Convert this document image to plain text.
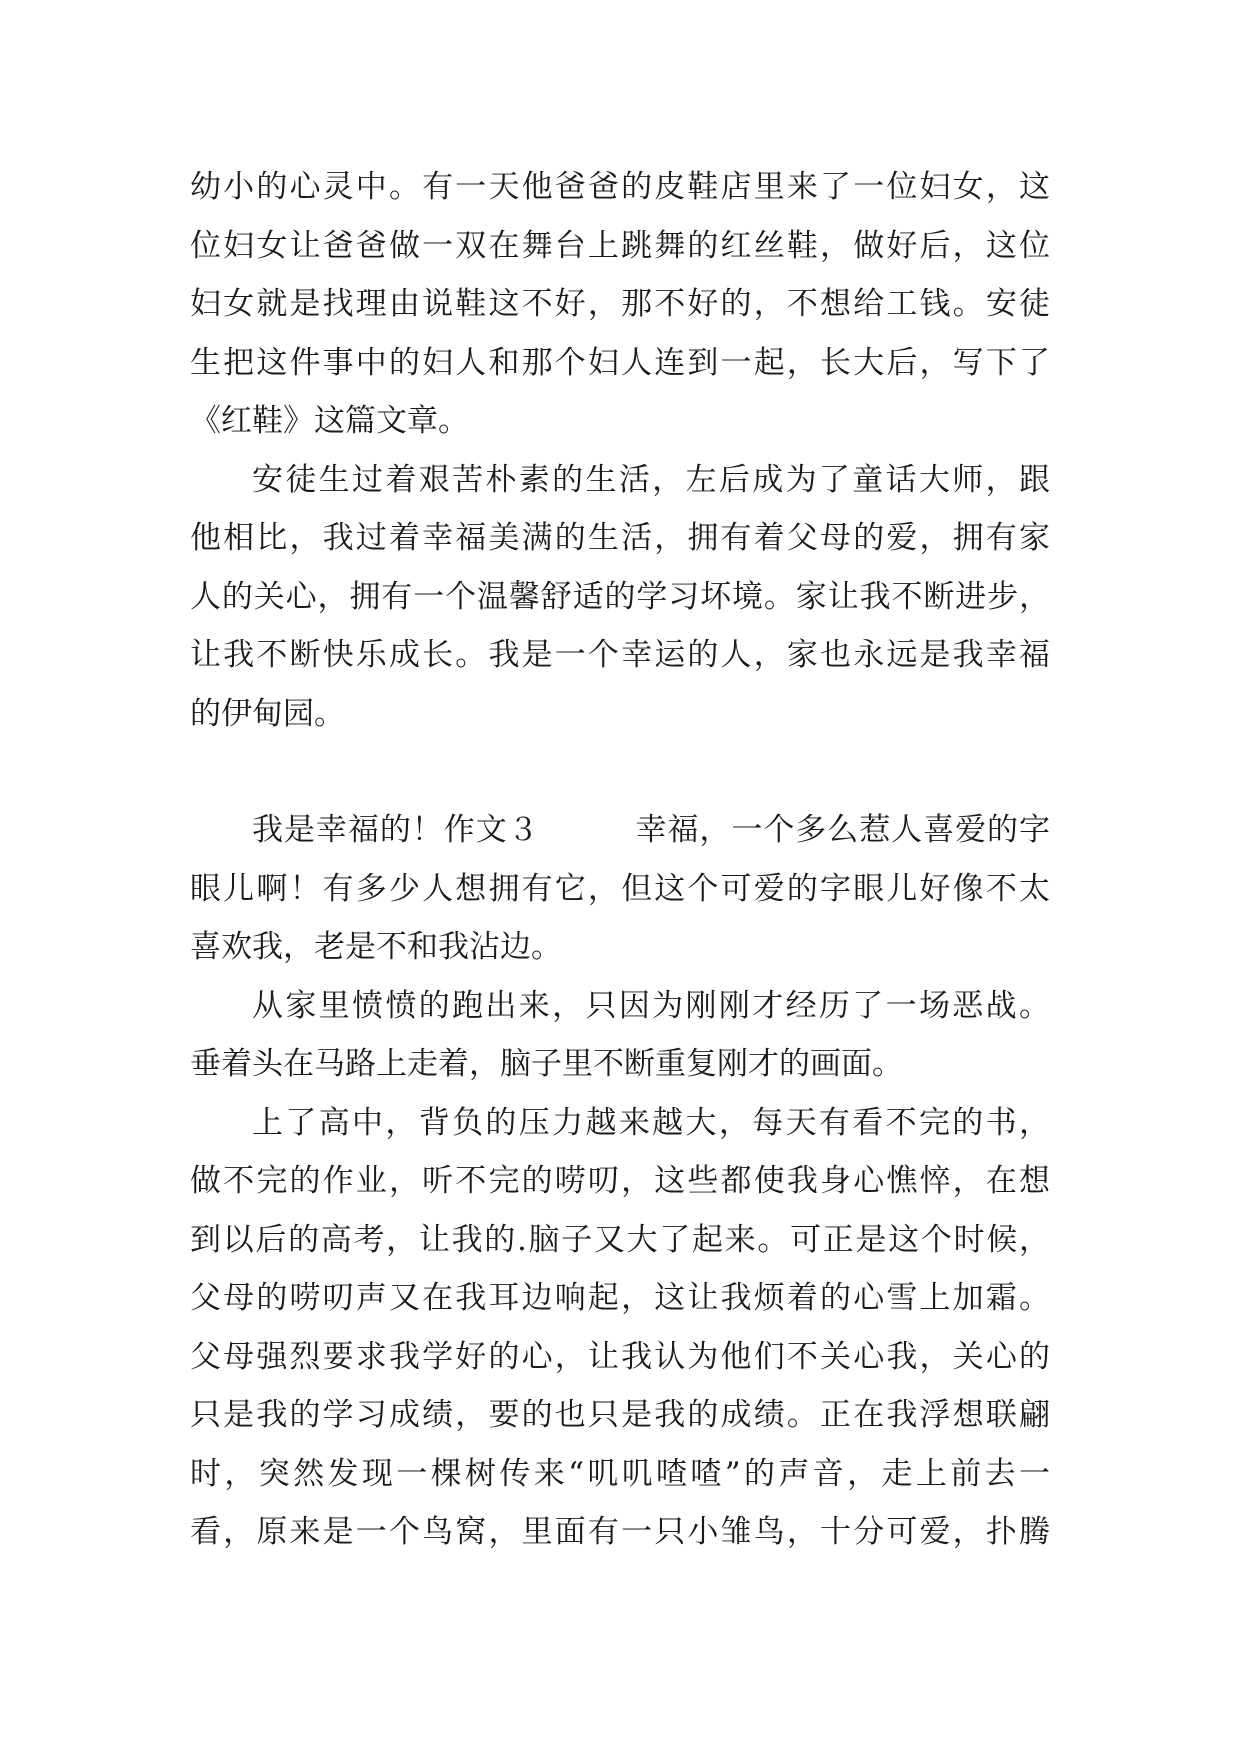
幼小的心灵中。有一天他爸爸的皮鞋店里来了一位妇女，这
位妇女让爸爸做一双在舞台上跳舞的红丝鞋，做好后，这位
妇女就是找理由说鞋这不好，那不好的，不想给工钱。安徒
生把这件事中的妇人和那个妇人连到一起，长大后，写下了
《红鞋》这篇文章。
安徒生过着艰苦朴素的生活，左后成为了童话大师，跟
他相比，我过着幸福美满的生活，拥有着父母的爱，拥有家
人的关心，拥有一个温馨舒适的学习坏境。家让我不断进步，
让我不断快乐成长。我是一个幸运的人，家也永远是我幸福
的伊甸园。
我是幸福的！作文３　　　幸福，一个多么惹人喜爱的字
眼儿啊！有多少人想拥有它，但这个可爱的字眼儿好像不太
喜欢我，老是不和我沾边。
从家里愤愤的跑出来，只因为刚刚才经历了一场恶战。
垂着头在马路上走着，脑子里不断重复刚才的画面。
上了高中，背负的压力越来越大，每天有看不完的书，
做不完的作业，听不完的唠叨，这些都使我身心憔悴，在想
到以后的高考，让我的.脑子又大了起来。可正是这个时候，
父母的唠叨声又在我耳边响起，这让我烦着的心雪上加霜。
父母强烈要求我学好的心，让我认为他们不关心我，关心的
只是我的学习成绩，要的也只是我的成绩。正在我浮想联翩
时，突然发现一棵树传来“叽叽喳喳”的声音，走上前去一
看，原来是一个鸟窝，里面有一只小雏鸟，十分可爱，扑腾
